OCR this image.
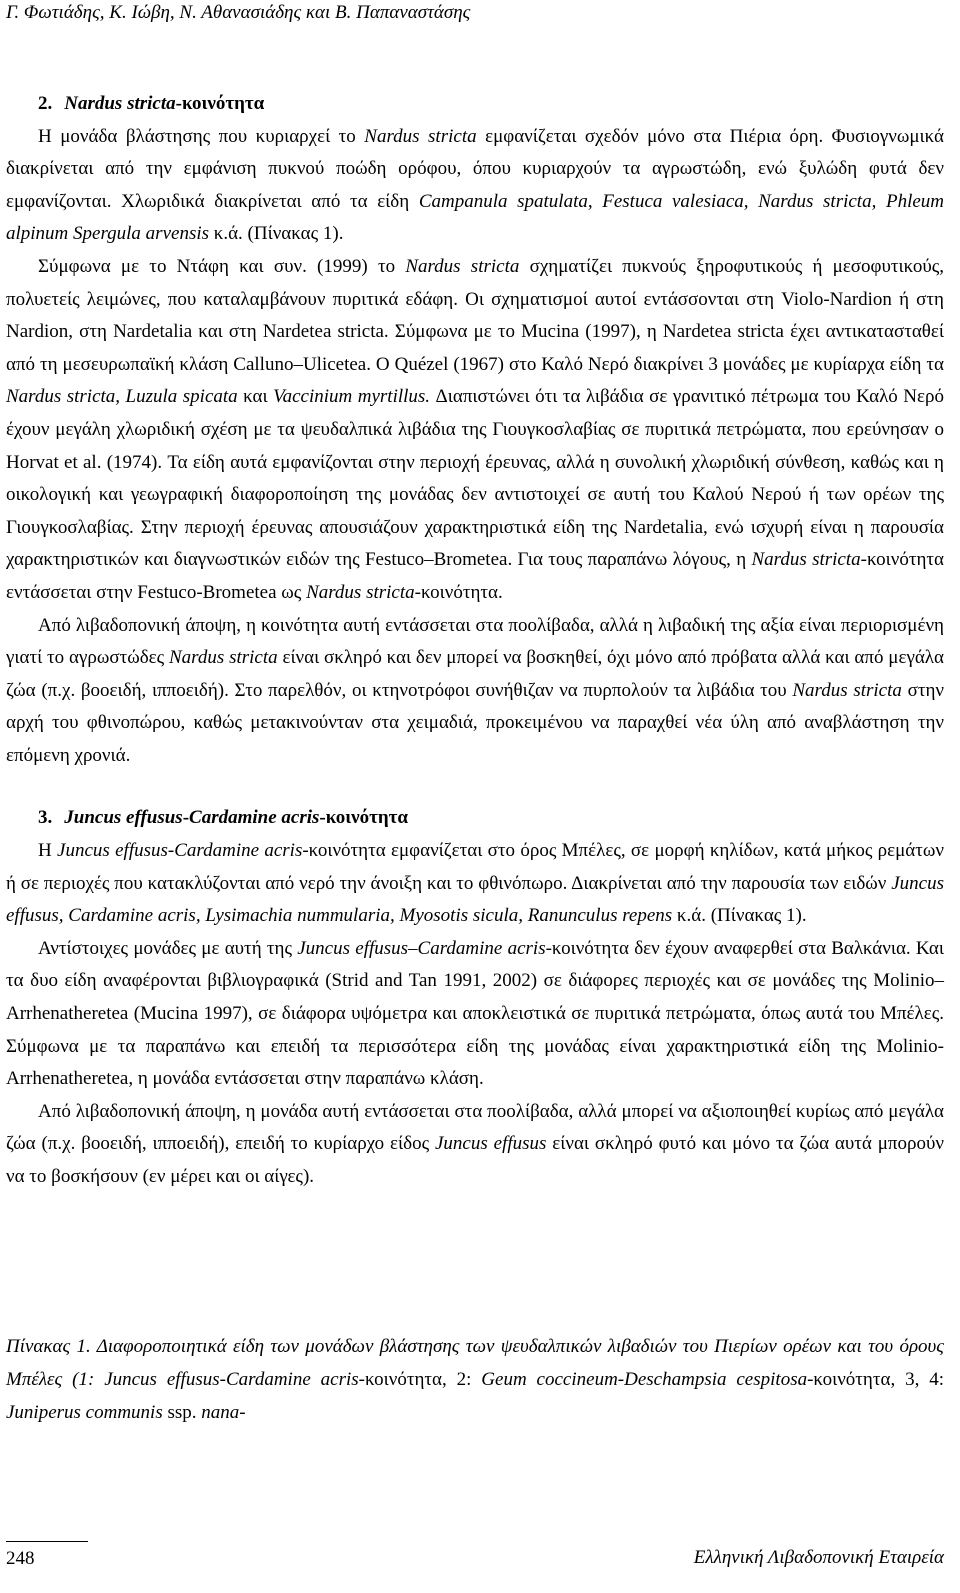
Γ. Φωτιάδης, Κ. Ιώβη, Ν. Αθανασιάδης και Β. Παπαναστάσης

2. Nardus stricta-κοινότητα

Η μονάδα βλάστησης που κυριαρχεί το Nardus stricta εμφανίζεται σχεδόν μόνο στα Πιέρια όρη. Φυσιογνωμικά διακρίνεται από την εμφάνιση πυκνού ποώδη ορόφου, όπου κυριαρχούν τα αγρωστώδη, ενώ ξυλώδη φυτά δεν εμφανίζονται. Χλωριδικά διακρίνεται από τα είδη Campanula spatulata, Festuca valesiaca, Nardus stricta, Phleum alpinum Spergula arvensis κ.ά. (Πίνακας 1).

Σύμφωνα με το Ντάφη και συν. (1999) το Nardus stricta σχηματίζει πυκνούς ξηροφυτικούς ή μεσοφυτικούς, πολυετείς λειμώνες, που καταλαμβάνουν πυριτικά εδάφη. Οι σχηματισμοί αυτοί εντάσσονται στη Violo-Nardion ή στη Nardion, στη Nardetalia και στη Nardetea stricta. Σύμφωνα με το Mucina (1997), η Nardetea stricta έχει αντικατασταθεί από τη μεσευρωπαϊκή κλάση Calluno–Ulicetea. Ο Quézel (1967) στο Καλό Νερό διακρίνει 3 μονάδες με κυρίαρχα είδη τα Nardus stricta, Luzula spicata και Vaccinium myrtillus. Διαπιστώνει ότι τα λιβάδια σε γρανιτικό πέτρωμα του Καλό Νερό έχουν μεγάλη χλωριδική σχέση με τα ψευδαλπικά λιβάδια της Γιουγκοσλαβίας σε πυριτικά πετρώματα, που ερεύνησαν ο Horvat et al. (1974). Τα είδη αυτά εμφανίζονται στην περιοχή έρευνας, αλλά η συνολική χλωριδική σύνθεση, καθώς και η οικολογική και γεωγραφική διαφοροποίηση της μονάδας δεν αντιστοιχεί σε αυτή του Καλού Νερού ή των ορέων της Γιουγκοσλαβίας. Στην περιοχή έρευνας απουσιάζουν χαρακτηριστικά είδη της Nardetalia, ενώ ισχυρή είναι η παρουσία χαρακτηριστικών και διαγνωστικών ειδών της Festuco–Brometea. Για τους παραπάνω λόγους, η Nardus stricta-κοινότητα εντάσσεται στην Festuco-Brometea ως Nardus stricta-κοινότητα.

Από λιβαδοπονική άποψη, η κοινότητα αυτή εντάσσεται στα ποολίβαδα, αλλά η λιβαδική της αξία είναι περιορισμένη γιατί το αγρωστώδες Nardus stricta είναι σκληρό και δεν μπορεί να βοσκηθεί, όχι μόνο από πρόβατα αλλά και από μεγάλα ζώα (π.χ. βοοειδή, ιπποειδή). Στο παρελθόν, οι κτηνοτρόφοι συνήθιζαν να πυρπολούν τα λιβάδια του Nardus stricta στην αρχή του φθινοπώρου, καθώς μετακινούνταν στα χειμαδιά, προκειμένου να παραχθεί νέα ύλη από αναβλάστηση την επόμενη χρονιά.

3. Juncus effusus-Cardamine acris-κοινότητα

Η Juncus effusus-Cardamine acris-κοινότητα εμφανίζεται στο όρος Μπέλες, σε μορφή κηλίδων, κατά μήκος ρεμάτων ή σε περιοχές που κατακλύζονται από νερό την άνοιξη και το φθινόπωρο. Διακρίνεται από την παρουσία των ειδών Juncus effusus, Cardamine acris, Lysimachia nummularia, Myosotis sicula, Ranunculus repens κ.ά. (Πίνακας 1).

Αντίστοιχες μονάδες με αυτή της Juncus effusus–Cardamine acris-κοινότητα δεν έχουν αναφερθεί στα Βαλκάνια. Και τα δυο είδη αναφέρονται βιβλιογραφικά (Strid and Tan 1991, 2002) σε διάφορες περιοχές και σε μονάδες της Molinio–Arrhenatheretea (Mucina 1997), σε διάφορα υψόμετρα και αποκλειστικά σε πυριτικά πετρώματα, όπως αυτά του Μπέλες. Σύμφωνα με τα παραπάνω και επειδή τα περισσότερα είδη της μονάδας είναι χαρακτηριστικά είδη της Molinio-Arrhenatheretea, η μονάδα εντάσσεται στην παραπάνω κλάση.

Από λιβαδοπονική άποψη, η μονάδα αυτή εντάσσεται στα ποολίβαδα, αλλά μπορεί να αξιοποιηθεί κυρίως από μεγάλα ζώα (π.χ. βοοειδή, ιπποειδή), επειδή το κυρίαρχο είδος Juncus effusus είναι σκληρό φυτό και μόνο τα ζώα αυτά μπορούν να το βοσκήσουν (εν μέρει και οι αίγες).

Πίνακας 1. Διαφοροποιητικά είδη των μονάδων βλάστησης των ψευδαλπικών λιβαδιών του Πιερίων ορέων και του όρους Μπέλες (1: Juncus effusus-Cardamine acris-κοινότητα, 2: Geum coccineum-Deschampsia cespitosa-κοινότητα, 3, 4: Juniperus communis ssp. nana-
248	Ελληνική Λιβαδοπονική Εταιρεία
